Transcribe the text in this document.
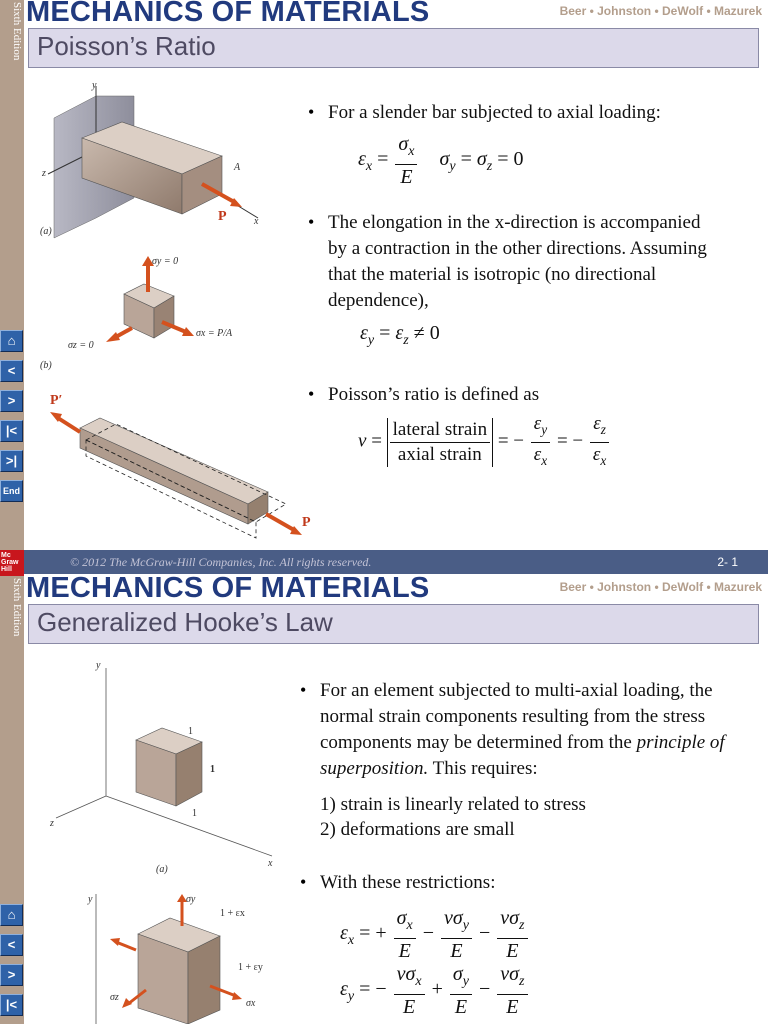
Sixth Edition MECHANICS OF MATERIALS	Beer • Johnston • DeWolf • Mazurek
Poisson’s Ratio
y
z
x
A
P
(a)
σy = 0
σx = P/A
σz = 0
(b)
P′
P
• For a slender bar subjected to axial loading:
$\varepsilon_x = \frac{\sigma_x}{E} \sigma_y = \sigma_z = 0$
• The elongation in the x-direction is accompanied by a contraction in the other directions. Assuming that the material is isotropic (no directional dependence),
$\varepsilon_y = \varepsilon_z \ne 0$
• Poisson’s ratio is defined as
$\nu = \frac{\text{lateral strain}}{\text{axial strain}}$ = − $\frac{\varepsilon_y}{\varepsilon_x}$ = − $\frac{\varepsilon_z}{\varepsilon_x}$
⌂
<
>
|<
>|
End
© 2012 The McGraw-Hill Companies, Inc. All rights reserved.	2- 1
Mc Graw Hill
Sixth Edition MECHANICS OF MATERIALS	Beer • Johnston • DeWolf • Mazurek
Generalized Hooke’s Law
y
z
x
1
1
1
(a)
y	σy
1 + εx
1 + εy
σx
σz
• For an element subjected to multi-axial loading, the normal strain components resulting from the stress components may be determined from the principle of superposition. This requires:
1) strain is linearly related to stress
2) deformations are small
• With these restrictions:
$\varepsilon_x$ = + $\frac{\sigma_x}{E} - \frac{\nu\sigma_y}{E} - \frac{\nu\sigma_z}{E}$
$\varepsilon_y$ = − $\frac{\nu\sigma_x}{E} + \frac{\sigma_y}{E} - \frac{\nu\sigma_z}{E}$
⌂
<
>
|<
